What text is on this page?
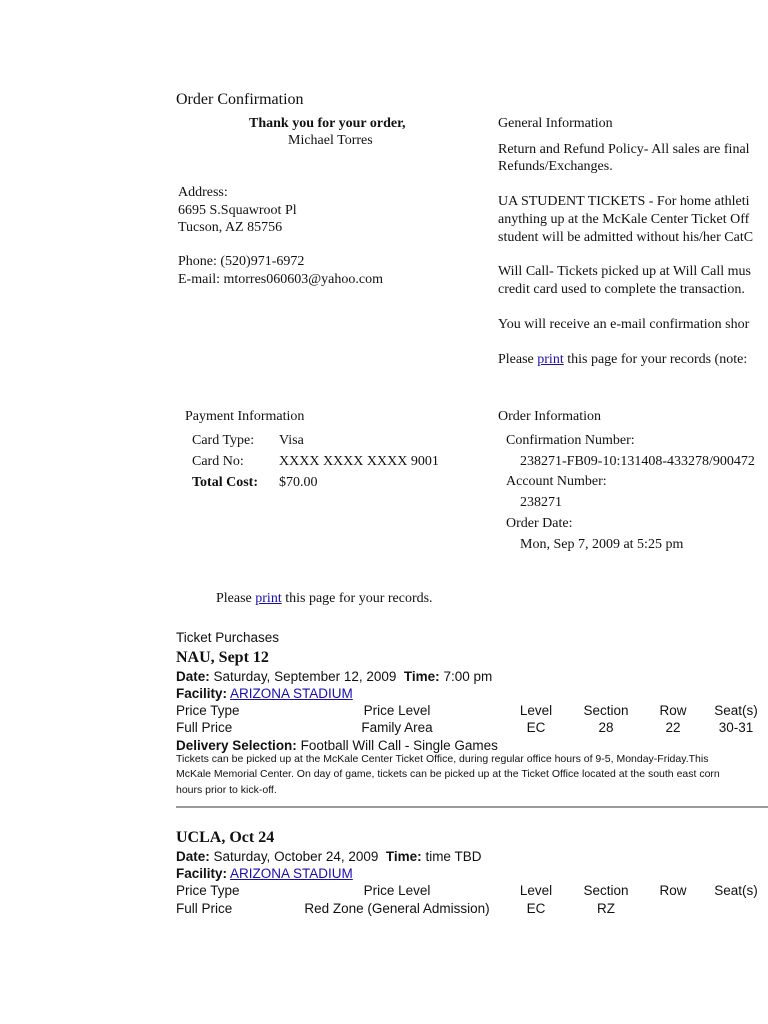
Order Confirmation
Thank you for your order,
Michael Torres
Address:
6695 S.Squawroot Pl
Tucson, AZ 85756
Phone: (520)971-6972
E-mail: mtorres060603@yahoo.com
General Information
Return and Refund Policy- All sales are final
Refunds/Exchanges.
UA STUDENT TICKETS - For home athleti
anything up at the McKale Center Ticket Off
student will be admitted without his/her CatC
Will Call- Tickets picked up at Will Call mus
credit card used to complete the transaction.
You will receive an e-mail confirmation shor
Please print this page for your records (note:
Payment Information
Card Type: Visa
Card No:	XXXX XXXX XXXX 9001
Total Cost: $70.00
Order Information
Confirmation Number:
238271-FB09-10:131408-433278/900472
Account Number:
238271
Order Date:
Mon, Sep 7, 2009 at 5:25 pm
Please print this page for your records.
Ticket Purchases
NAU, Sept 12
Date: Saturday, September 12, 2009 Time: 7:00 pm
Facility: ARIZONA STADIUM
Price Type	Price Level	Level	Section	Row	Seat(s)
Full Price	Family Area	EC	28	22	30-31
Delivery Selection: Football Will Call - Single Games
Tickets can be picked up at the McKale Center Ticket Office, during regular office hours of 9-5, Monday-Friday.This
McKale Memorial Center. On day of game, tickets can be picked up at the Ticket Office located at the south east corn
hours prior to kick-off.
UCLA, Oct 24
Date: Saturday, October 24, 2009 Time: time TBD
Facility: ARIZONA STADIUM
Price Type	Price Level	Level	Section	Row	Seat(s)
Full Price	Red Zone (General Admission)	EC	RZ
